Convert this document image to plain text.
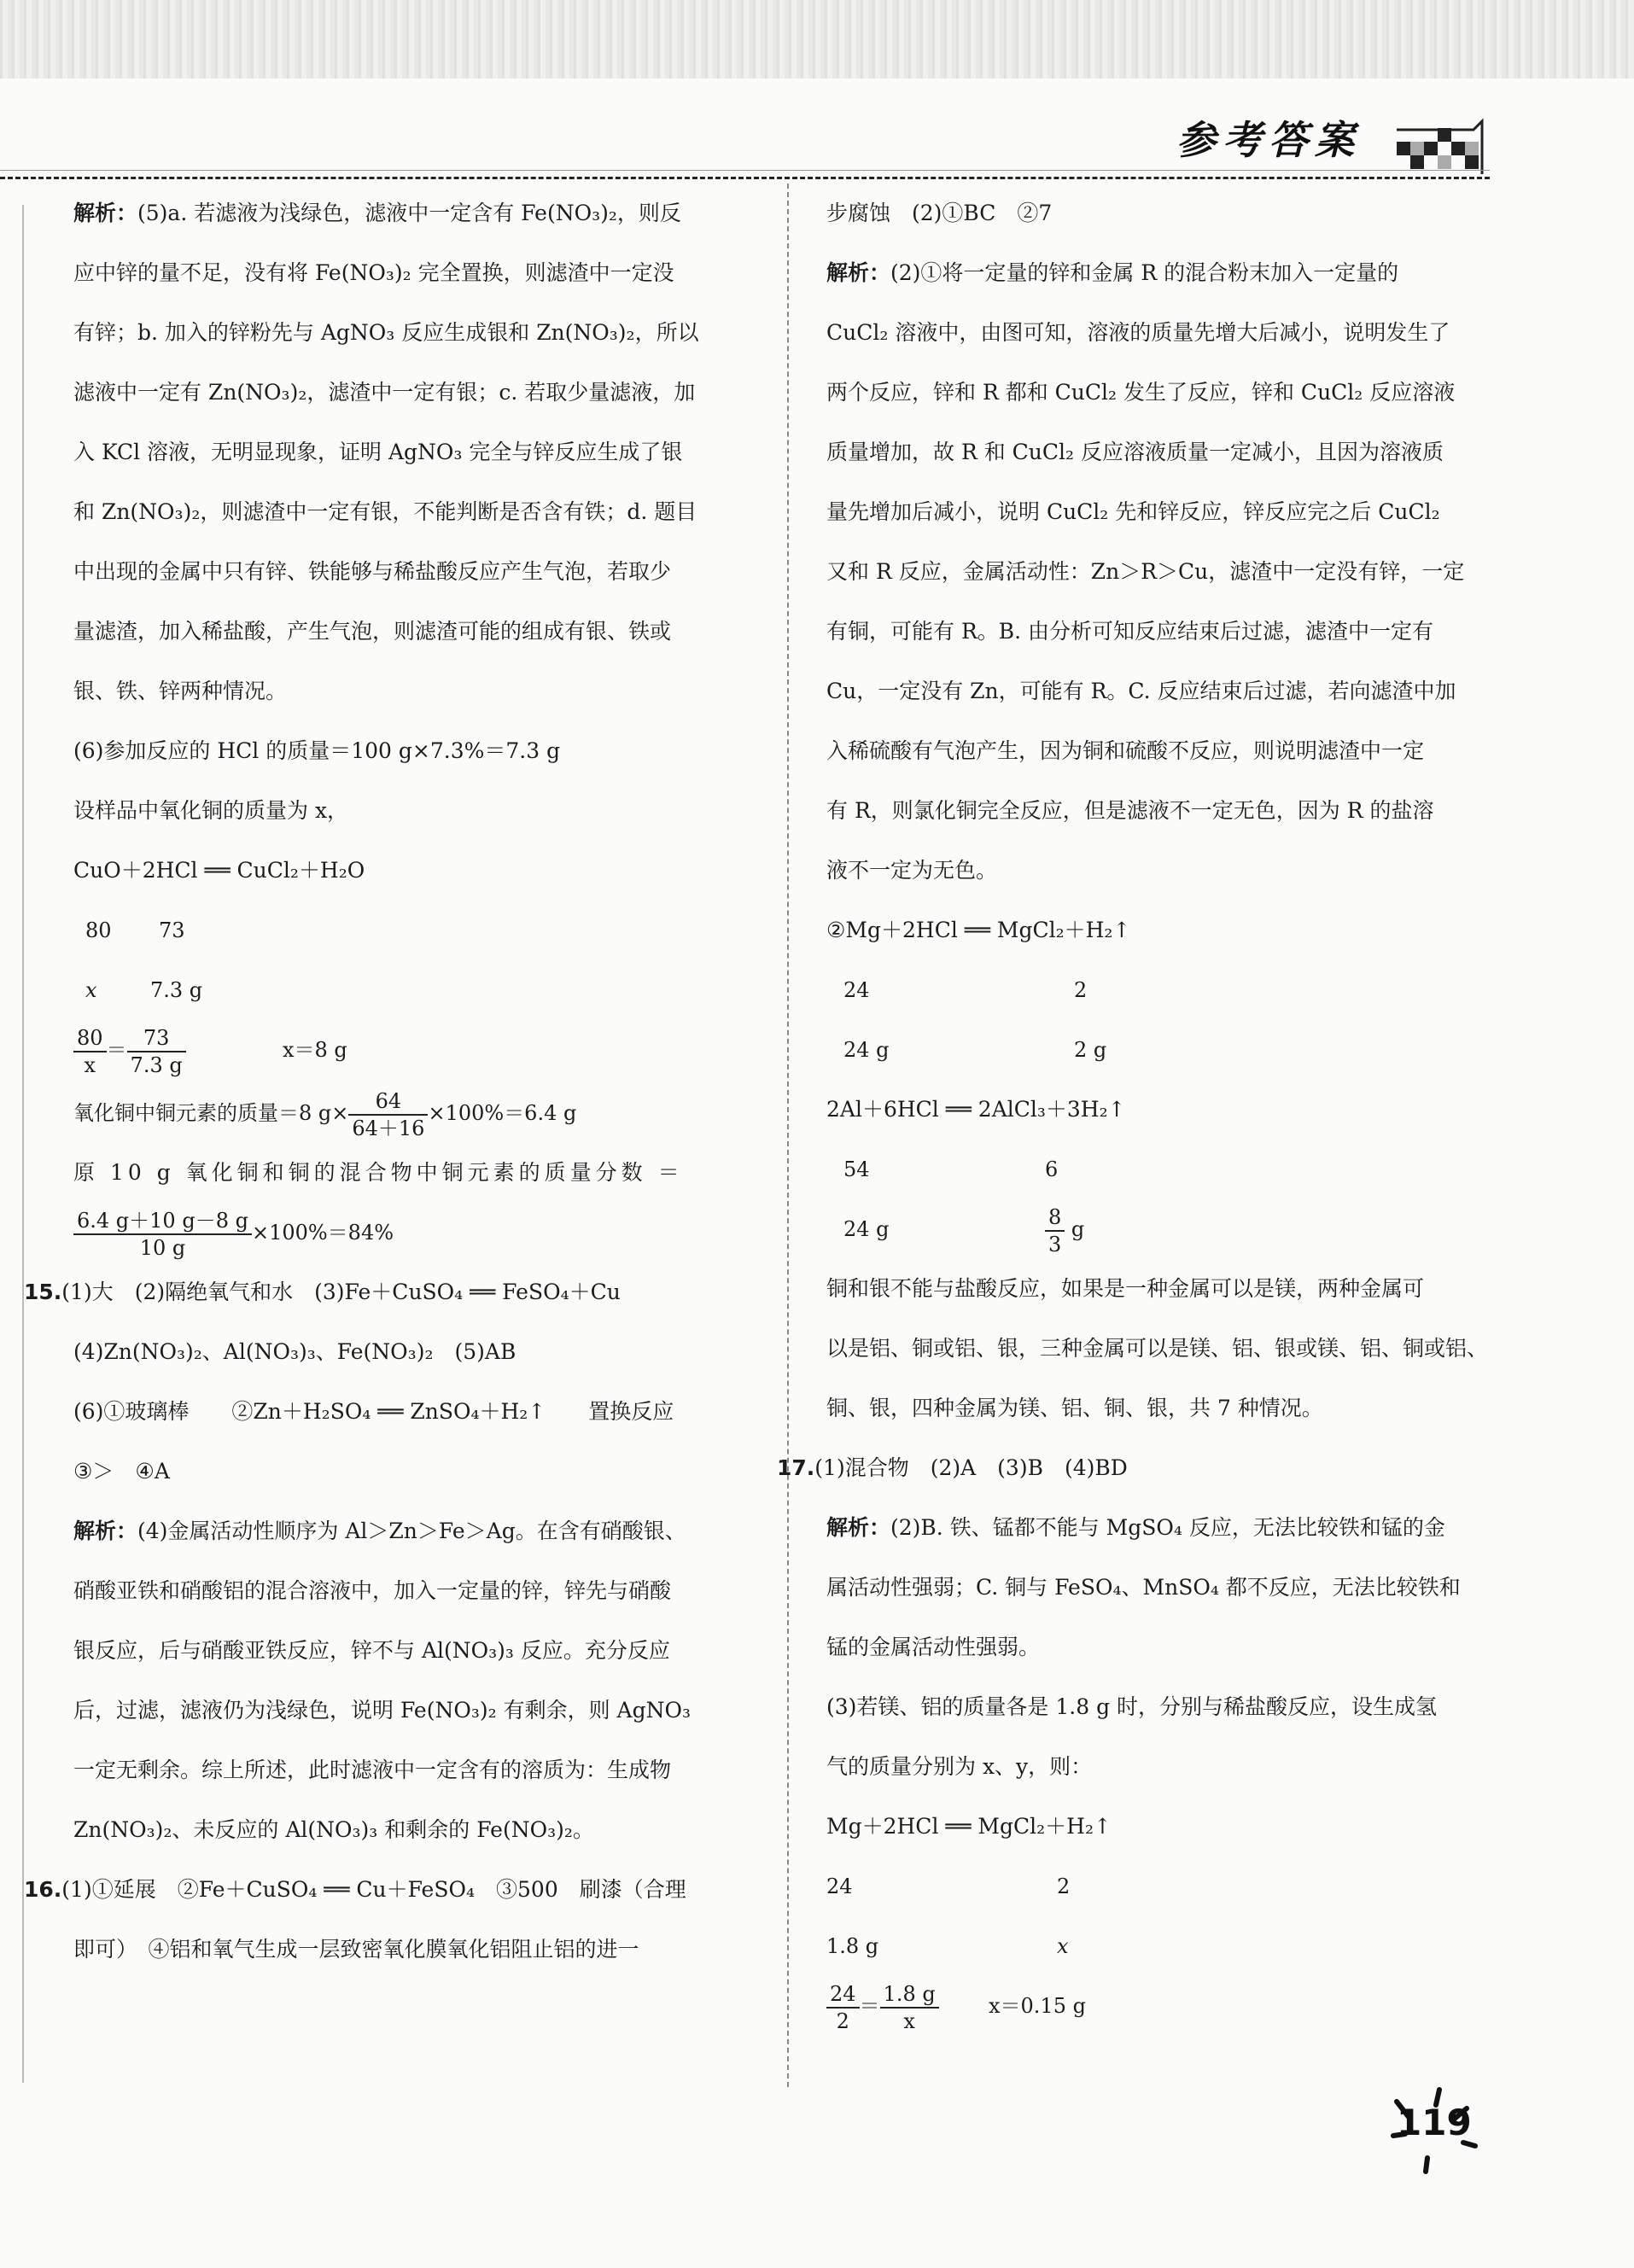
参考答案

解析：(5)a. 若滤液为浅绿色，滤液中一定含有 Fe(NO₃)₂，则反

应中锌的量不足，没有将 Fe(NO₃)₂ 完全置换，则滤渣中一定没

有锌；b. 加入的锌粉先与 AgNO₃ 反应生成银和 Zn(NO₃)₂，所以

滤液中一定有 Zn(NO₃)₂，滤渣中一定有银；c. 若取少量滤液，加

入 KCl 溶液，无明显现象，证明 AgNO₃ 完全与锌反应生成了银

和 Zn(NO₃)₂，则滤渣中一定有银，不能判断是否含有铁；d. 题目

中出现的金属中只有锌、铁能够与稀盐酸反应产生气泡，若取少

量滤渣，加入稀盐酸，产生气泡，则滤渣可能的组成有银、铁或

银、铁、锌两种情况。

(6)参加反应的 HCl 的质量＝100 g×7.3%＝7.3 g

设样品中氧化铜的质量为 x，

CuO＋2HCl ══ CuCl₂＋H₂O

80 73
x	7.3 g
$\frac{80}{x} = \frac{73}{7.3 g}$	x＝8 g
氧化铜中铜元素的质量＝8 $g\times \frac{64}{64+16} \times 100\%=6.4$ g

原 10 g 氧化铜和铜的混合物中铜元素的质量分数 ＝

$\frac{6.4 g+10 g-8 g}{10 g} \times 100\%=84\%$

15.(1)大　(2)隔绝氧气和水　(3)Fe＋CuSO₄ ══ FeSO₄＋Cu

(4)Zn(NO₃)₂、Al(NO₃)₃、Fe(NO₃)₂　(5)AB

(6)①玻璃棒　　②Zn＋H₂SO₄ ══ ZnSO₄＋H₂↑　　置换反应

③＞　④A

解析：(4)金属活动性顺序为 Al＞Zn＞Fe＞Ag。在含有硝酸银、

硝酸亚铁和硝酸铝的混合溶液中，加入一定量的锌，锌先与硝酸

银反应，后与硝酸亚铁反应，锌不与 Al(NO₃)₃ 反应。充分反应

后，过滤，滤液仍为浅绿色，说明 Fe(NO₃)₂ 有剩余，则 AgNO₃

一定无剩余。综上所述，此时滤液中一定含有的溶质为：生成物

Zn(NO₃)₂、未反应的 Al(NO₃)₃ 和剩余的 Fe(NO₃)₂。

16.(1)①延展　②Fe＋CuSO₄ ══ Cu＋FeSO₄　③500　刷漆（合理

即可）　④铝和氧气生成一层致密氧化膜氧化铝阻止铝的进一

步腐蚀　(2)①BC　②7

解析：(2)①将一定量的锌和金属 R 的混合粉末加入一定量的

CuCl₂ 溶液中，由图可知，溶液的质量先增大后减小，说明发生了

两个反应，锌和 R 都和 CuCl₂ 发生了反应，锌和 CuCl₂ 反应溶液

质量增加，故 R 和 CuCl₂ 反应溶液质量一定减小，且因为溶液质

量先增加后减小，说明 CuCl₂ 先和锌反应，锌反应完之后 CuCl₂

又和 R 反应，金属活动性：Zn＞R＞Cu，滤渣中一定没有锌，一定

有铜，可能有 R。B. 由分析可知反应结束后过滤，滤渣中一定有

Cu，一定没有 Zn，可能有 R。C. 反应结束后过滤，若向滤渣中加

入稀硫酸有气泡产生，因为铜和硫酸不反应，则说明滤渣中一定

有 R，则氯化铜完全反应，但是滤液不一定无色，因为 R 的盐溶

液不一定为无色。

②Mg＋2HCl ══ MgCl₂＋H₂↑

24	2
24 g	2 g

2Al＋6HCl ══ 2AlCl₃＋3H₂↑

54	6
24 g	$\frac{8}{3}$ g

铜和银不能与盐酸反应，如果是一种金属可以是镁，两种金属可

以是铝、铜或铝、银，三种金属可以是镁、铝、银或镁、铝、铜或铝、

铜、银，四种金属为镁、铝、铜、银，共 7 种情况。

17.(1)混合物　(2)A　(3)B　(4)BD

解析：(2)B. 铁、锰都不能与 MgSO₄ 反应，无法比较铁和锰的金

属活动性强弱；C. 铜与 FeSO₄、MnSO₄ 都不反应，无法比较铁和

锰的金属活动性强弱。

(3)若镁、铝的质量各是 1.8 g 时，分别与稀盐酸反应，设生成氢

气的质量分别为 x、y，则：

Mg＋2HCl ══ MgCl₂＋H₂↑

24	2
1.8 g	x
$\frac{24}{2} = \frac{1.8 g}{x} x=0.15$ g
119
